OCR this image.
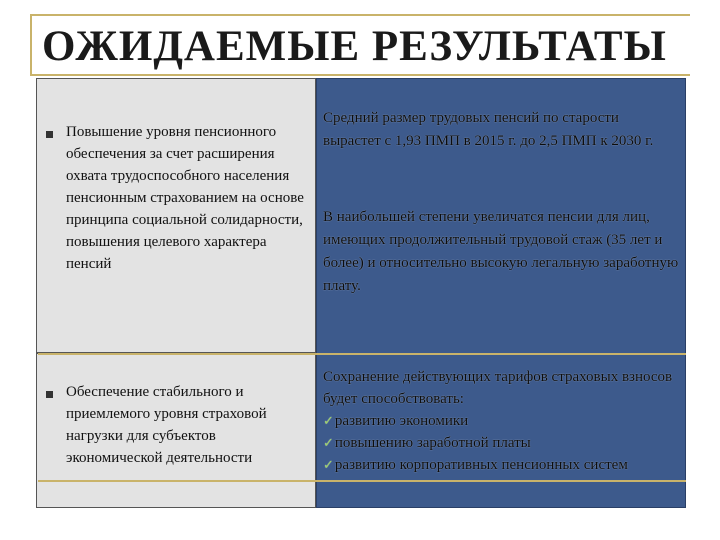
ОЖИДАЕМЫЕ РЕЗУЛЬТАТЫ
Повышение уровня пенсионного обеспечения за счет расширения охвата трудоспособного населения пенсионным страхованием на основе принципа социальной солидарности, повышения целевого характера пенсий
Обеспечение стабильного и приемлемого уровня страховой нагрузки для субъектов экономической деятельности
Средний размер трудовых пенсий по старости вырастет с 1,93 ПМП в 2015 г. до 2,5 ПМП к 2030 г.
В наибольшей степени увеличатся пенсии для лиц, имеющих продолжительный трудовой стаж (35 лет и более) и относительно высокую легальную заработную плату.
Сохранение действующих тарифов страховых взносов будет способствовать:
✓развитию экономики
✓повышению заработной платы
✓развитию корпоративных пенсионных систем
